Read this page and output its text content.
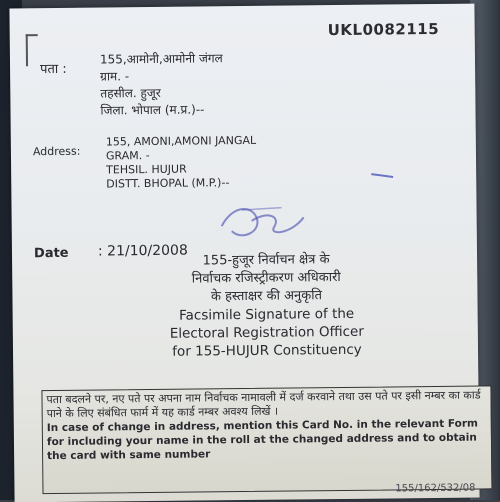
UKL0082115
पता :
155,आमोनी,आमोनी जंगल
ग्राम. -
तहसील. हुजूर
जिला. भोपाल (म.प्र.)--
Address:
155, AMONI,AMONI JANGAL
GRAM. -
TEHSIL. HUJUR
DISTT. BHOPAL (M.P.)--
Date : 21/10/2008
155-हुजूर निर्वाचन क्षेत्र के
निर्वाचक रजिस्ट्रीकरण अधिकारी
के हस्ताक्षर की अनुकृति
Facsimile Signature of the
Electoral Registration Officer
for 155-HUJUR Constituency
पता बदलने पर, नए पते पर अपना नाम निर्वाचक नामावली में दर्ज करवाने तथा उस पते पर इसी नम्बर का कार्ड पाने के लिए संबंधित फार्म में यह कार्ड नम्बर अवश्य लिखें ।
In case of change in address, mention this Card No. in the relevant Form for including your name in the roll at the changed address and to obtain the card with same number
155/162/532/08
